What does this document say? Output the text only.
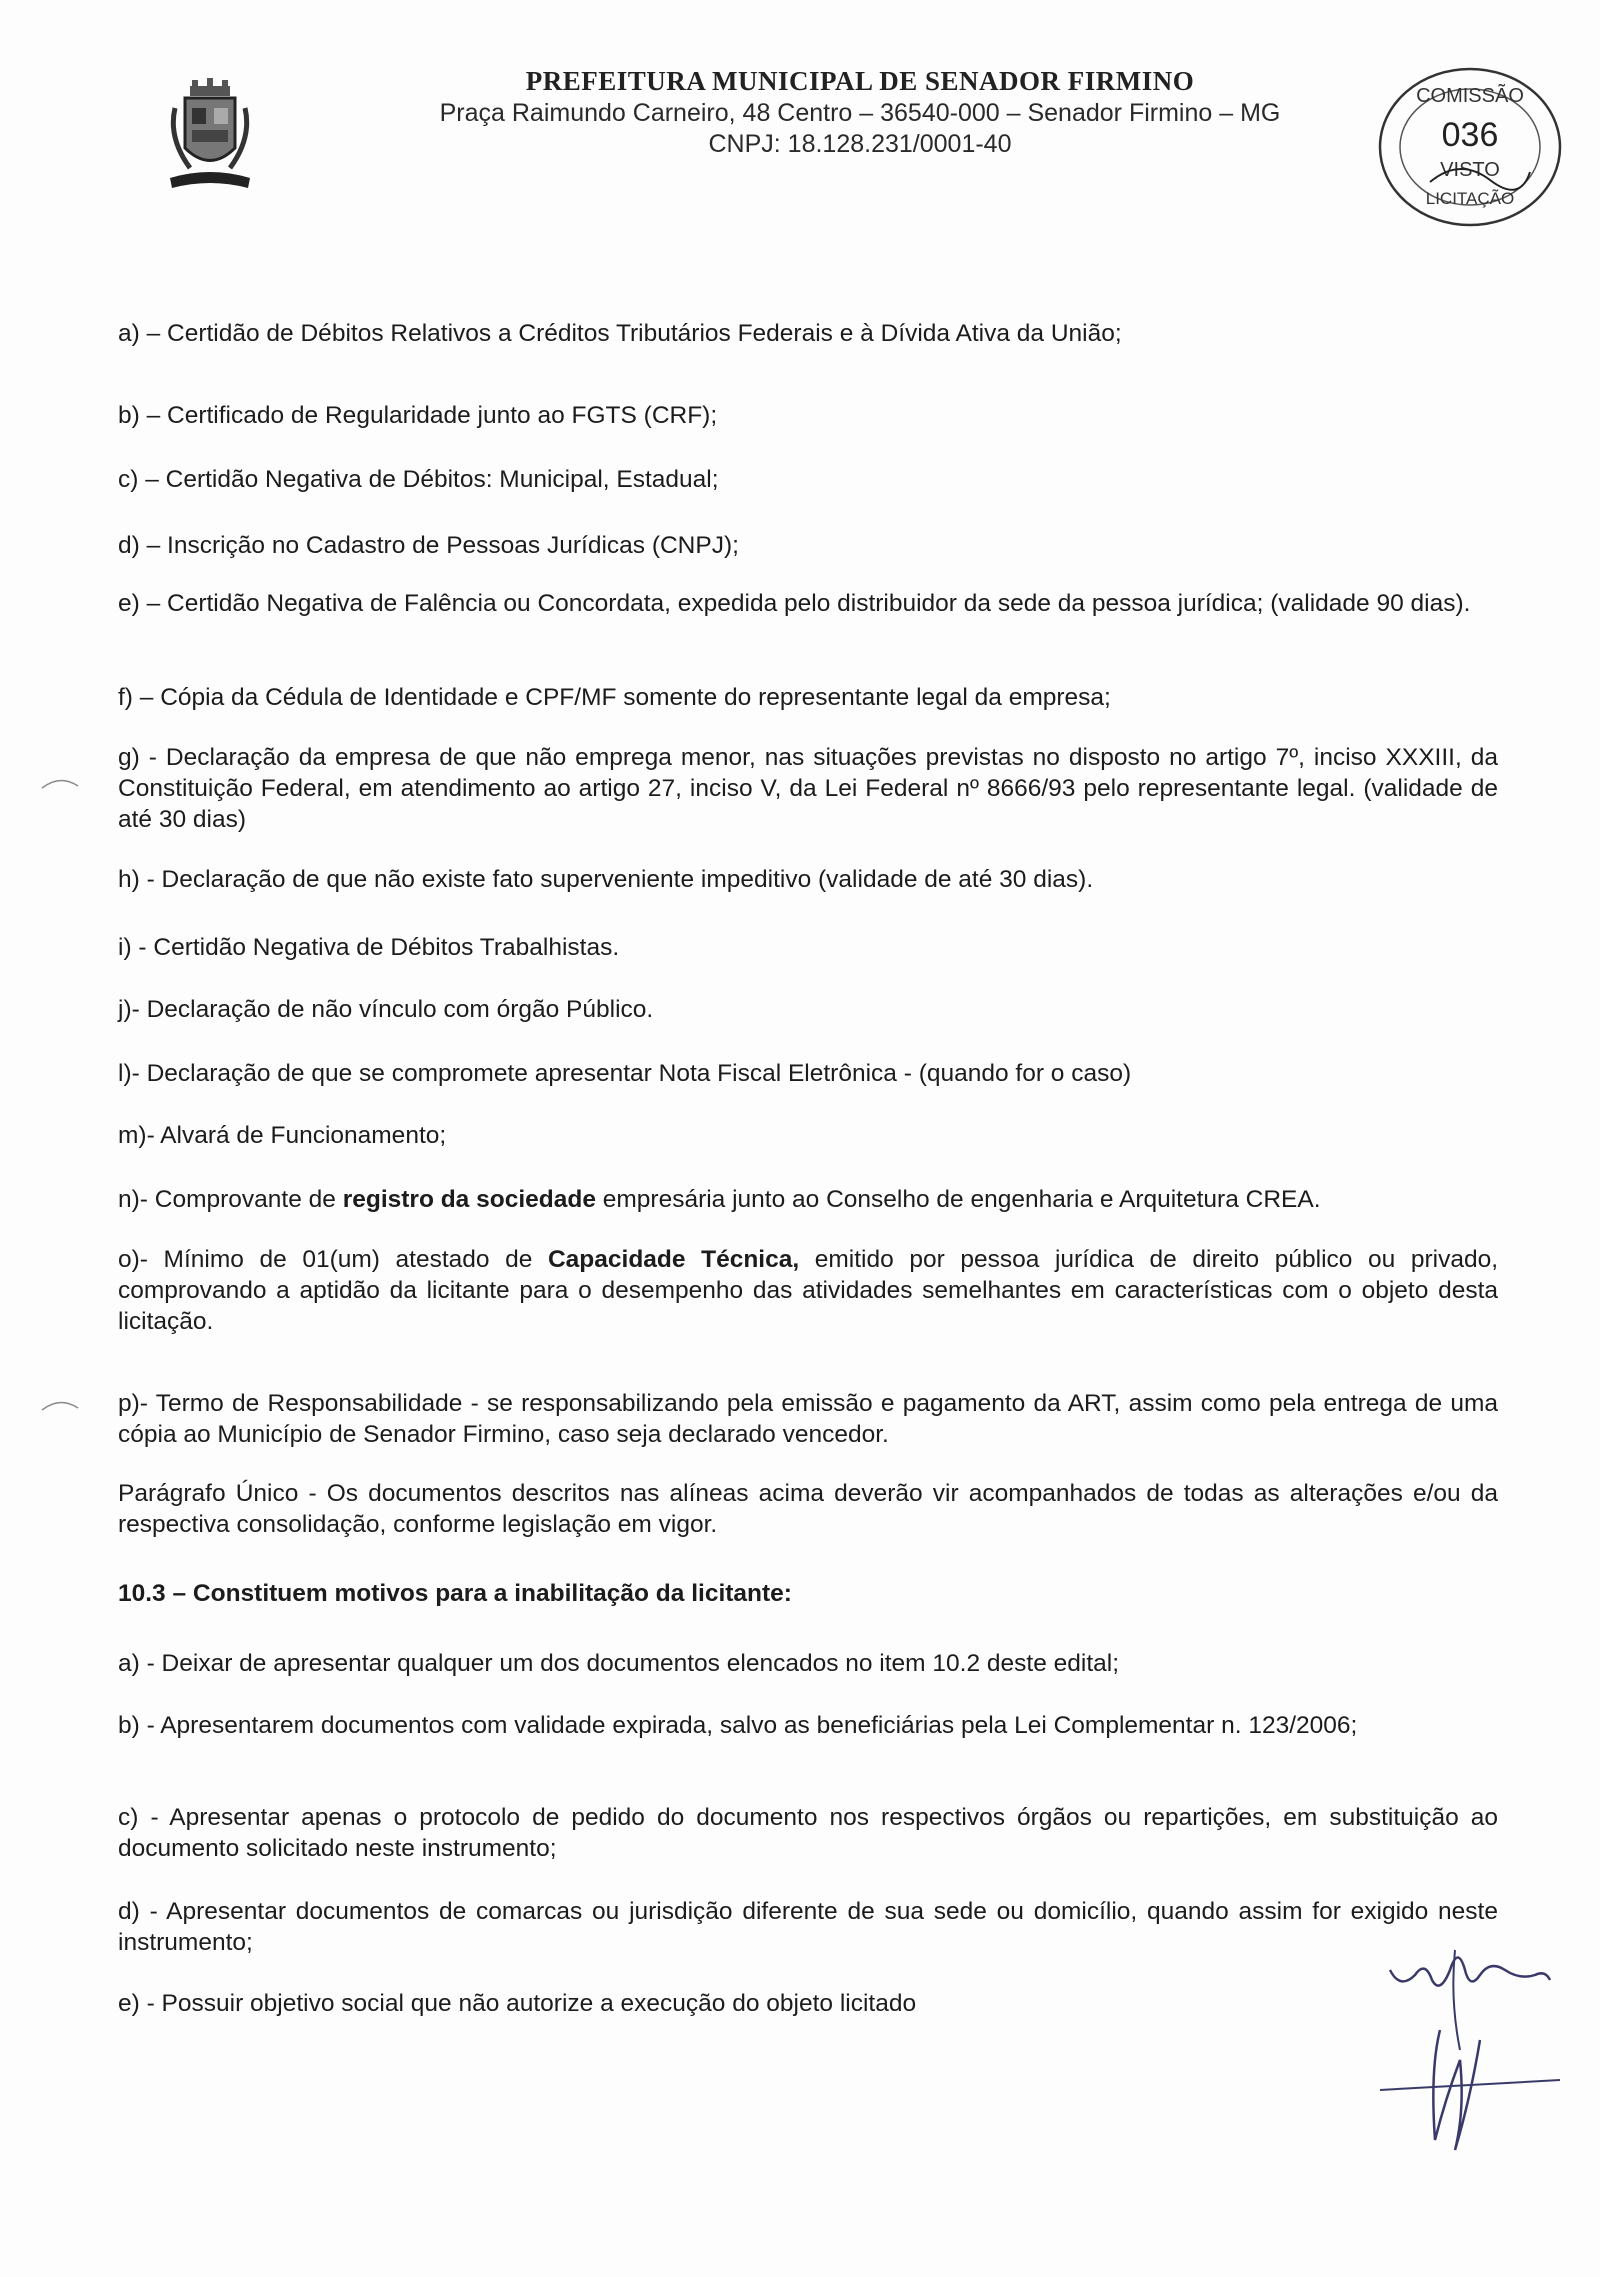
PREFEITURA MUNICIPAL DE SENADOR FIRMINO
Praça Raimundo Carneiro, 48 Centro – 36540-000 – Senador Firmino – MG
CNPJ: 18.128.231/0001-40
COMISSÃO
036
VISTO
LICITAÇÃO

a) – Certidão de Débitos Relativos a Créditos Tributários Federais e à Dívida Ativa da União;

b) – Certificado de Regularidade junto ao FGTS (CRF);

c) – Certidão Negativa de Débitos: Municipal, Estadual;

d) – Inscrição no Cadastro de Pessoas Jurídicas (CNPJ);

e) – Certidão Negativa de Falência ou Concordata, expedida pelo distribuidor da sede da pessoa jurídica; (validade 90 dias).

f) – Cópia da Cédula de Identidade e CPF/MF somente do representante legal da empresa;

g) - Declaração da empresa de que não emprega menor, nas situações previstas no disposto no artigo 7º, inciso XXXIII, da Constituição Federal, em atendimento ao artigo 27, inciso V, da Lei Federal nº 8666/93 pelo representante legal. (validade de até 30 dias)

h) - Declaração de que não existe fato superveniente impeditivo (validade de até 30 dias).

i) - Certidão Negativa de Débitos Trabalhistas.

j)- Declaração de não vínculo com órgão Público.

l)- Declaração de que se compromete apresentar Nota Fiscal Eletrônica - (quando for o caso)

m)- Alvará de Funcionamento;

n)- Comprovante de registro da sociedade empresária junto ao Conselho de engenharia e Arquitetura CREA.

o)- Mínimo de 01(um) atestado de Capacidade Técnica, emitido por pessoa jurídica de direito público ou privado, comprovando a aptidão da licitante para o desempenho das atividades semelhantes em características com o objeto desta licitação.

p)- Termo de Responsabilidade - se responsabilizando pela emissão e pagamento da ART, assim como pela entrega de uma cópia ao Município de Senador Firmino, caso seja declarado vencedor.

Parágrafo Único - Os documentos descritos nas alíneas acima deverão vir acompanhados de todas as alterações e/ou da respectiva consolidação, conforme legislação em vigor.

10.3 – Constituem motivos para a inabilitação da licitante:

a) - Deixar de apresentar qualquer um dos documentos elencados no item 10.2 deste edital;

b) - Apresentarem documentos com validade expirada, salvo as beneficiárias pela Lei Complementar n. 123/2006;

c) - Apresentar apenas o protocolo de pedido do documento nos respectivos órgãos ou repartições, em substituição ao documento solicitado neste instrumento;

d) - Apresentar documentos de comarcas ou jurisdição diferente de sua sede ou domicílio, quando assim for exigido neste instrumento;

e) - Possuir objetivo social que não autorize a execução do objeto licitado
